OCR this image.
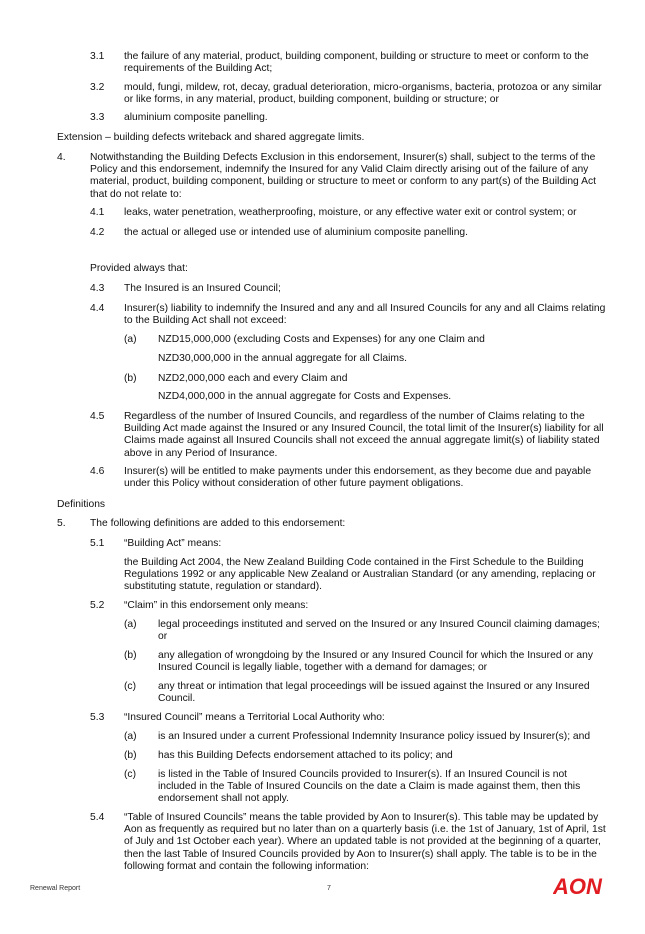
3.1	the failure of any material, product, building component, building or structure to meet or conform to the requirements of the Building Act;
3.2	mould, fungi, mildew, rot, decay, gradual deterioration, micro-organisms, bacteria, protozoa or any similar or like forms, in any material, product, building component, building or structure; or
3.3	aluminium composite panelling.
Extension – building defects writeback and shared aggregate limits.
4.	Notwithstanding the Building Defects Exclusion in this endorsement, Insurer(s) shall, subject to the terms of the Policy and this endorsement, indemnify the Insured for any Valid Claim directly arising out of the failure of any material, product, building component, building or structure to meet or conform to any part(s) of the Building Act that do not relate to:
4.1	leaks, water penetration, weatherproofing, moisture, or any effective water exit or control system; or
4.2	the actual or alleged use or intended use of aluminium composite panelling.
Provided always that:
4.3	The Insured is an Insured Council;
4.4	Insurer(s) liability to indemnify the Insured and any and all Insured Councils for any and all Claims relating to the Building Act shall not exceed:
(a)	NZD15,000,000 (excluding Costs and Expenses) for any one Claim and
NZD30,000,000 in the annual aggregate for all Claims.
(b)	NZD2,000,000 each and every Claim and
NZD4,000,000 in the annual aggregate for Costs and Expenses.
4.5	Regardless of the number of Insured Councils, and regardless of the number of Claims relating to the Building Act made against the Insured or any Insured Council, the total limit of the Insurer(s) liability for all Claims made against all Insured Councils shall not exceed the annual aggregate limit(s) of liability stated above in any Period of Insurance.
4.6	Insurer(s) will be entitled to make payments under this endorsement, as they become due and payable under this Policy without consideration of other future payment obligations.
Definitions
5.	The following definitions are added to this endorsement:
5.1	“Building Act” means:
the Building Act 2004, the New Zealand Building Code contained in the First Schedule to the Building Regulations 1992 or any applicable New Zealand or Australian Standard (or any amending, replacing or substituting statute, regulation or standard).
5.2	“Claim” in this endorsement only means:
(a)	legal proceedings instituted and served on the Insured or any Insured Council claiming damages; or
(b)	any allegation of wrongdoing by the Insured or any Insured Council for which the Insured or any Insured Council is legally liable, together with a demand for damages; or
(c)	any threat or intimation that legal proceedings will be issued against the Insured or any Insured Council.
5.3	“Insured Council” means a Territorial Local Authority who:
(a)	is an Insured under a current Professional Indemnity Insurance policy issued by Insurer(s); and
(b)	has this Building Defects endorsement attached to its policy; and
(c)	is listed in the Table of Insured Councils provided to Insurer(s). If an Insured Council is not included in the Table of Insured Councils on the date a Claim is made against them, then this endorsement shall not apply.
5.4	“Table of Insured Councils” means the table provided by Aon to Insurer(s). This table may be updated by Aon as frequently as required but no later than on a quarterly basis (i.e. the 1st of January, 1st of April, 1st of July and 1st October each year). Where an updated table is not provided at the beginning of a quarter, then the last Table of Insured Councils provided by Aon to Insurer(s) shall apply. The table is to be in the following format and contain the following information:
Renewal Report	7	AON
